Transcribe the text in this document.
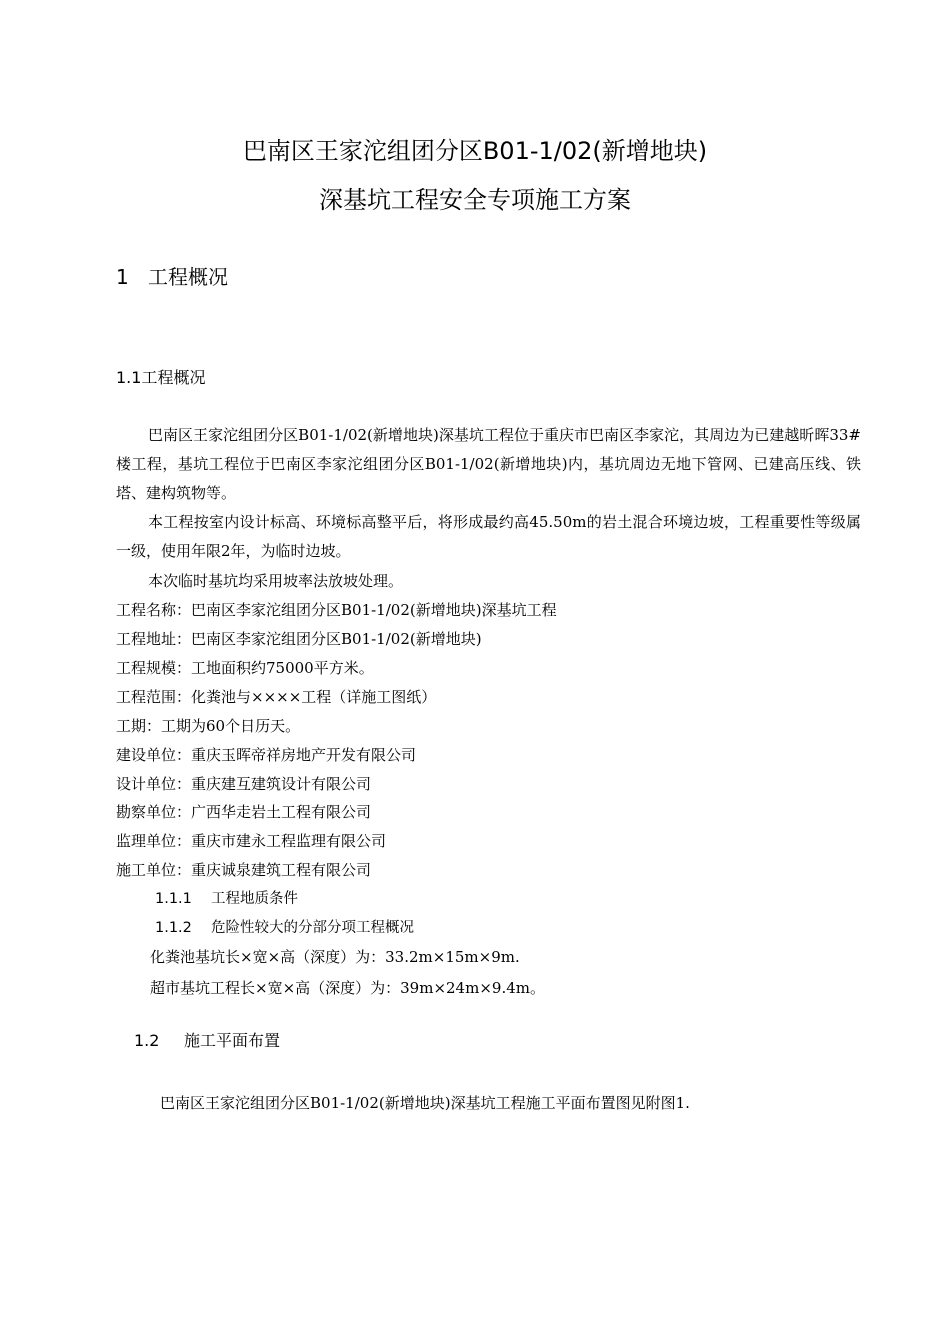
巴南区王家沱组团分区B01-1/02(新增地块)
深基坑工程安全专项施工方案
1 工程概况
1.1工程概况

巴南区王家沱组团分区B01-1/02(新增地块)深基坑工程位于重庆市巴南区李家沱，其周边为已建越昕晖33#楼工程，基坑工程位于巴南区李家沱组团分区B01-1/02(新增地块)内，基坑周边无地下管网、已建高压线、铁塔、建构筑物等。

本工程按室内设计标高、环境标高整平后，将形成最约高45.50m的岩土混合环境边坡，工程重要性等级属一级，使用年限2年，为临时边坡。

本次临时基坑均采用坡率法放坡处理。

工程名称：巴南区李家沱组团分区B01-1/02(新增地块)深基坑工程

工程地址：巴南区李家沱组团分区B01-1/02(新增地块)

工程规模：工地面积约75000平方米。

工程范围：化粪池与××××工程（详施工图纸）

工期：工期为60个日历天。

建设单位：重庆玉晖帝祥房地产开发有限公司

设计单位：重庆建互建筑设计有限公司

勘察单位：广西华走岩土工程有限公司

监理单位：重庆市建永工程监理有限公司

施工单位：重庆诚泉建筑工程有限公司

1.1.1 工程地质条件
1.1.2 危险性较大的分部分项工程概况

化粪池基坑长×宽×高（深度）为：33.2m×15m×9m.

超市基坑工程长×宽×高（深度）为：39m×24m×9.4m。

1.2 施工平面布置

巴南区王家沱组团分区B01-1/02(新增地块)深基坑工程施工平面布置图见附图1.
